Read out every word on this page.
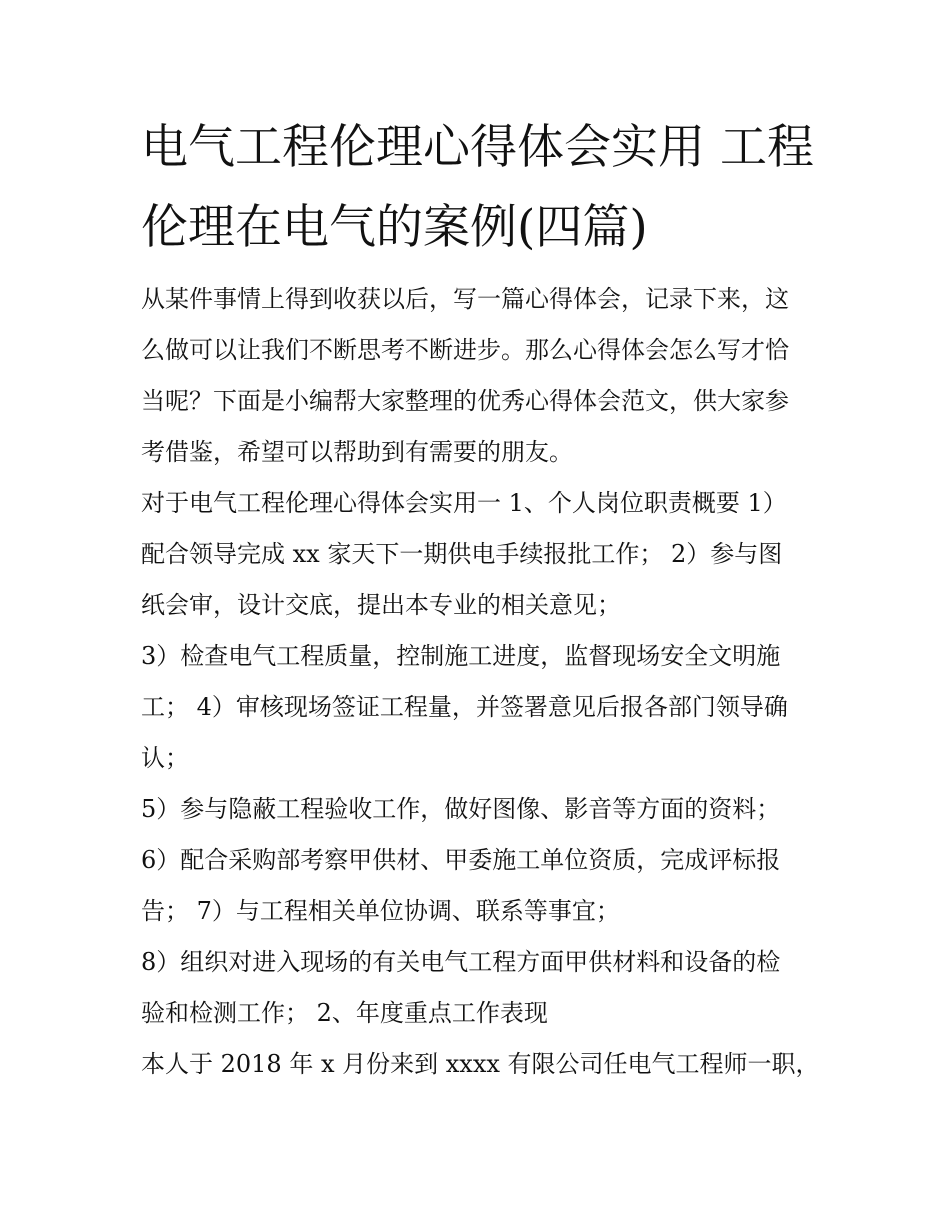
电气工程伦理心得体会实用 工程伦理在电气的案例(四篇)
从某件事情上得到收获以后，写一篇心得体会，记录下来，这
么做可以让我们不断思考不断进步。那么心得体会怎么写才恰
当呢？下面是小编帮大家整理的优秀心得体会范文，供大家参
考借鉴，希望可以帮助到有需要的朋友。
对于电气工程伦理心得体会实用一 1、个人岗位职责概要 1）
配合领导完成 xx 家天下一期供电手续报批工作； 2）参与图
纸会审，设计交底，提出本专业的相关意见；
3）检查电气工程质量，控制施工进度，监督现场安全文明施
工； 4）审核现场签证工程量，并签署意见后报各部门领导确
认；
5）参与隐蔽工程验收工作，做好图像、影音等方面的资料；
6）配合采购部考察甲供材、甲委施工单位资质，完成评标报
告； 7）与工程相关单位协调、联系等事宜；
8）组织对进入现场的有关电气工程方面甲供材料和设备的检
验和检测工作； 2、年度重点工作表现
本人于 2018 年 x 月份来到 xxxx 有限公司任电气工程师一职，
